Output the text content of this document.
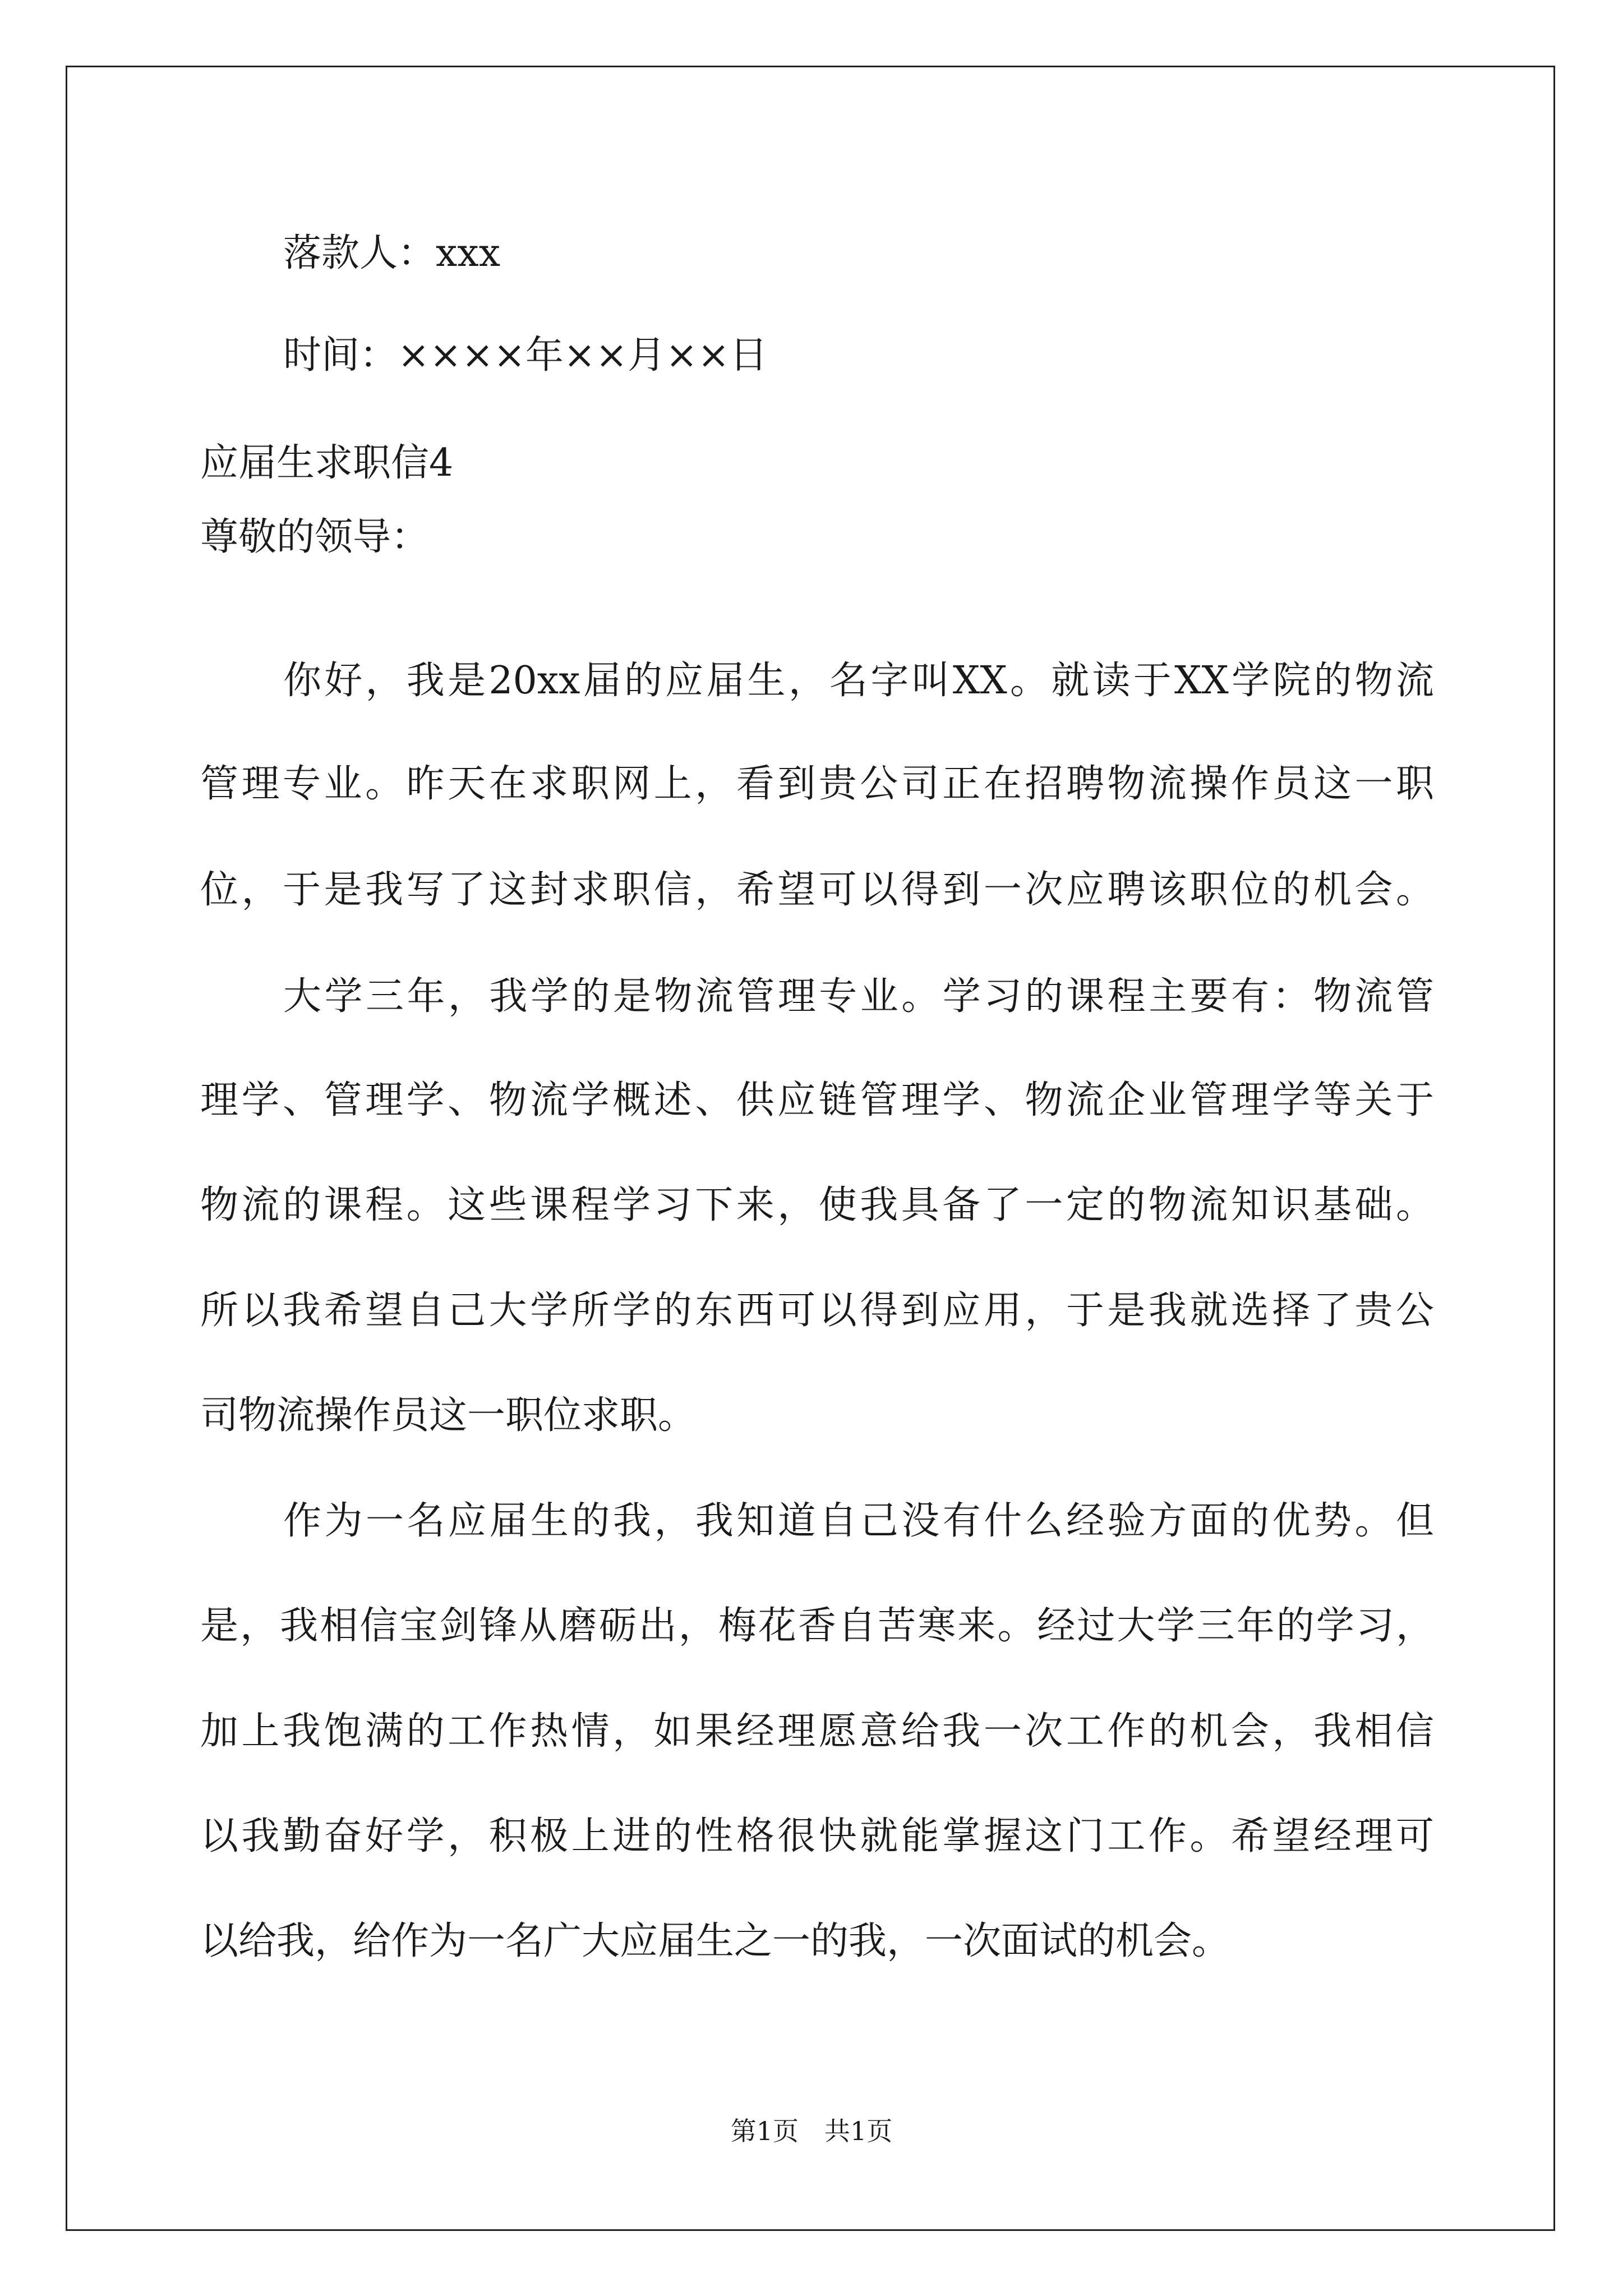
落款人：xxx
时间：××××年××月××日
应届生求职信4
尊敬的领导：
你好，我是20xx届的应届生，名字叫XX。就读于XX学院的物流
管理专业。昨天在求职网上，看到贵公司正在招聘物流操作员这一职
位，于是我写了这封求职信，希望可以得到一次应聘该职位的机会。
大学三年，我学的是物流管理专业。学习的课程主要有：物流管
理学、管理学、物流学概述、供应链管理学、物流企业管理学等关于
物流的课程。这些课程学习下来，使我具备了一定的物流知识基础。
所以我希望自己大学所学的东西可以得到应用，于是我就选择了贵公
司物流操作员这一职位求职。
作为一名应届生的我，我知道自己没有什么经验方面的优势。但
是，我相信宝剑锋从磨砺出，梅花香自苦寒来。经过大学三年的学习，
加上我饱满的工作热情，如果经理愿意给我一次工作的机会，我相信
以我勤奋好学，积极上进的性格很快就能掌握这门工作。希望经理可
以给我，给作为一名广大应届生之一的我，一次面试的机会。
第1页　共1页
